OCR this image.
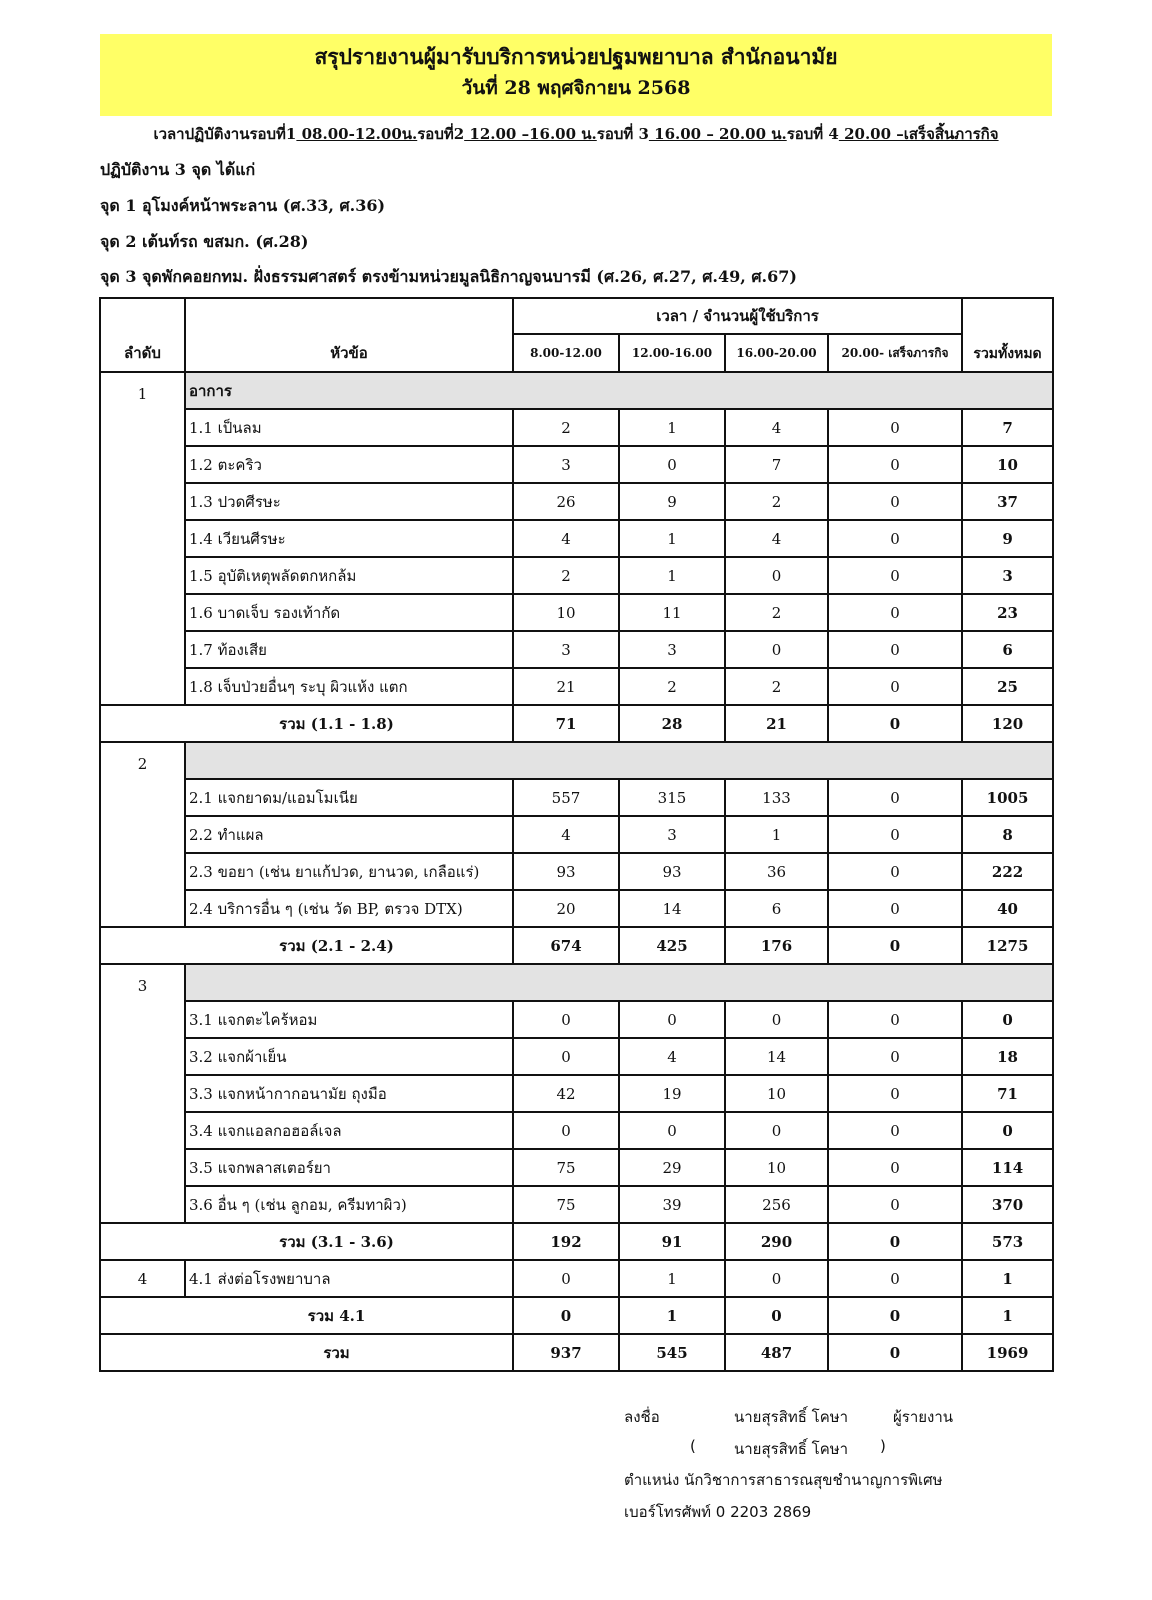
สรุปรายงานผู้มารับบริการหน่วยปฐมพยาบาล สำนักอนามัย
วันที่ 28 พฤศจิกายน 2568
เวลาปฏิบัติงานรอบที่1 08.00-12.00น.รอบที่2 12.00 –16.00 น.รอบที่ 3 16.00 – 20.00 น.รอบที่ 4 20.00 –เสร็จสิ้นภารกิจ
ปฏิบัติงาน 3 จุด ได้แก่
จุด 1 อุโมงค์หน้าพระลาน (ศ.33, ศ.36)
จุด 2 เต้นท์รถ ขสมก. (ศ.28)
จุด 3 จุดพักคอยกทม. ฝั่งธรรมศาสตร์ ตรงข้ามหน่วยมูลนิธิกาญจนบารมี (ศ.26, ศ.27, ศ.49, ศ.67)
ลำดับ	หัวข้อ	เวลา / จำนวนผู้ใช้บริการ				รวมทั้งหมด
		8.00-12.00	12.00-16.00	16.00-20.00	20.00- เสร็จภารกิจ	
1	อาการ					
	1.1 เป็นลม	2	1	4	0	7
	1.2 ตะคริว	3	0	7	0	10
	1.3 ปวดศีรษะ	26	9	2	0	37
	1.4 เวียนศีรษะ	4	1	4	0	9
	1.5 อุบัติเหตุพลัดตกหกล้ม	2	1	0	0	3
	1.6 บาดเจ็บ รองเท้ากัด	10	11	2	0	23
	1.7 ท้องเสีย	3	3	0	0	6
	1.8 เจ็บป่วยอื่นๆ ระบุ ผิวแห้ง แตก	21	2	2	0	25
รวม (1.1 - 1.8)		71	28	21	0	120
2						
	2.1 แจกยาดม/แอมโมเนีย	557	315	133	0	1005
	2.2 ทำแผล	4	3	1	0	8
	2.3 ขอยา (เช่น ยาแก้ปวด, ยานวด, เกลือแร่)	93	93	36	0	222
	2.4 บริการอื่น ๆ (เช่น วัด BP, ตรวจ DTX)	20	14	6	0	40
รวม (2.1 - 2.4)		674	425	176	0	1275
3						
	3.1 แจกตะไคร้หอม	0	0	0	0	0
	3.2 แจกผ้าเย็น	0	4	14	0	18
	3.3 แจกหน้ากากอนามัย ถุงมือ	42	19	10	0	71
	3.4 แจกแอลกอฮอล์เจล	0	0	0	0	0
	3.5 แจกพลาสเตอร์ยา	75	29	10	0	114
	3.6 อื่น ๆ (เช่น ลูกอม, ครีมทาผิว)	75	39	256	0	370
รวม (3.1 - 3.6)		192	91	290	0	573
4	4.1 ส่งต่อโรงพยาบาล	0	1	0	0	1
รวม 4.1		0	1	0	0	1
รวม		937	545	487	0	1969
ลงชื่อ	นายสุรสิทธิ์ โคษา	ผู้รายงาน
(	นายสุรสิทธิ์ โคษา )
ตำแหน่ง นักวิชาการสาธารณสุขชำนาญการพิเศษ
เบอร์โทรศัพท์ 0 2203 2869
